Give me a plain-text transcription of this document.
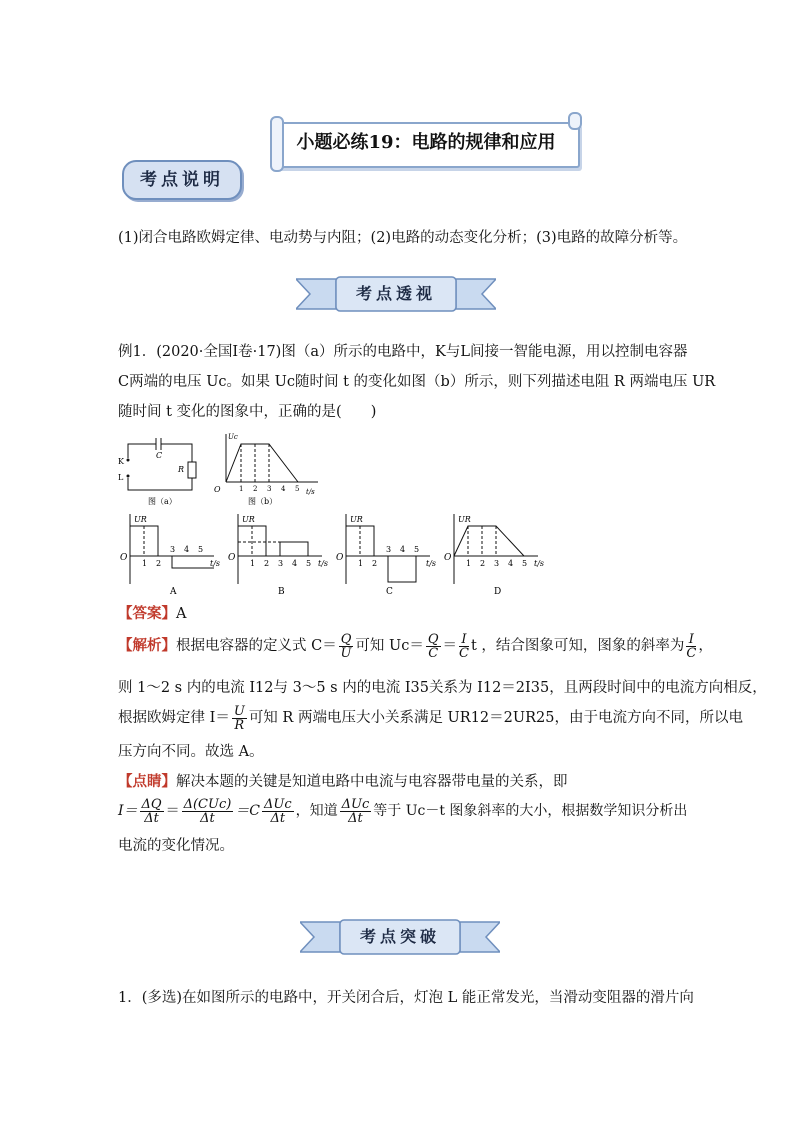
小题必练19：电路的规律和应用
考点说明
(1)闭合电路欧姆定律、电动势与内阻；(2)电路的动态变化分析；(3)电路的故障分析等。
考点透视
例1．(2020·全国I卷·17)图（a）所示的电路中，K与L间接一智能电源，用以控制电容器
C两端的电压 Uc。如果 Uc随时间 t 的变化如图（b）所示，则下列描述电阻 R 两端电压 UR
随时间 t 变化的图象中，正确的是(　　)
K
L
C
R
图（a）
Uc
O	t/s
1 2 3 4 5
图（b）
UR
O
1 2
3 4 5
t/s
A
UR
O
1 2 3 4 5 t/s
B
UR
O
1 2
3 4 5
t/s
C
UR
O
1 2 3 4 5 t/s
D
【答案】A
【解析】根据电容器的定义式 $C= \frac{Q}{U}$ 可知 $Uc= \frac{Q}{C} = \frac{I}{C}$ t ，结合图象可知，图象的斜率为 $\frac{I}{C}$ ，
则 1～2 s 内的电流 I12与 3～5 s 内的电流 I35关系为 I12＝2I35，且两段时间中的电流方向相反，
根据欧姆定律 $I= \frac{U}{R}$ 可知 R 两端电压大小关系满足 UR12＝2UR25，由于电流方向不同，所以电
压方向不同。故选 A。
【点睛】解决本题的关键是知道电路中电流与电容器带电量的关系，即
$I= \frac{\Delta Q}{\Delta t} = \frac{\text{Δ(CUc)}}{\Delta t} =C \frac{\text{ΔUc}}{\Delta t}$ ，知道 $\frac{\text{ΔUc}}{\Delta t}$ 等于 Uc－t 图象斜率的大小，根据数学知识分析出
电流的变化情况。
考点突破
1．(多选)在如图所示的电路中，开关闭合后，灯泡 L 能正常发光，当滑动变阻器的滑片向
